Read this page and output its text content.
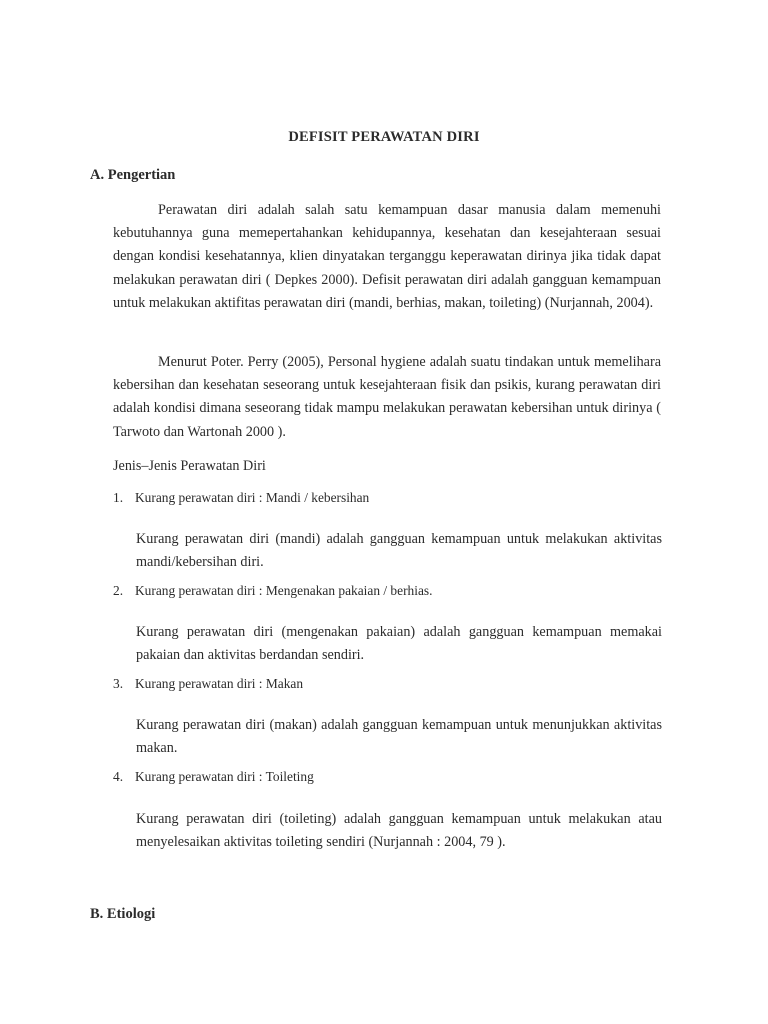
DEFISIT PERAWATAN DIRI
A. Pengertian
Perawatan diri adalah salah satu kemampuan dasar manusia dalam memenuhi kebutuhannya guna memepertahankan kehidupannya, kesehatan dan kesejahteraan sesuai dengan kondisi kesehatannya, klien dinyatakan terganggu keperawatan dirinya jika tidak dapat melakukan perawatan diri ( Depkes 2000). Defisit perawatan diri adalah gangguan kemampuan untuk melakukan aktifitas perawatan diri (mandi, berhias, makan, toileting) (Nurjannah, 2004).
Menurut Poter. Perry (2005), Personal hygiene adalah suatu tindakan untuk memelihara kebersihan dan kesehatan seseorang untuk kesejahteraan fisik dan psikis, kurang perawatan diri adalah kondisi dimana seseorang tidak mampu melakukan perawatan kebersihan untuk dirinya ( Tarwoto dan Wartonah 2000 ).
Jenis–Jenis Perawatan Diri
1. Kurang perawatan diri : Mandi / kebersihan
Kurang perawatan diri (mandi) adalah gangguan kemampuan untuk melakukan aktivitas mandi/kebersihan diri.
2. Kurang perawatan diri : Mengenakan pakaian / berhias.
Kurang perawatan diri (mengenakan pakaian) adalah gangguan kemampuan memakai pakaian dan aktivitas berdandan sendiri.
3. Kurang perawatan diri : Makan
Kurang perawatan diri (makan) adalah gangguan kemampuan untuk menunjukkan aktivitas makan.
4. Kurang perawatan diri : Toileting
Kurang perawatan diri (toileting) adalah gangguan kemampuan untuk melakukan atau menyelesaikan aktivitas toileting sendiri (Nurjannah : 2004, 79 ).
B. Etiologi
